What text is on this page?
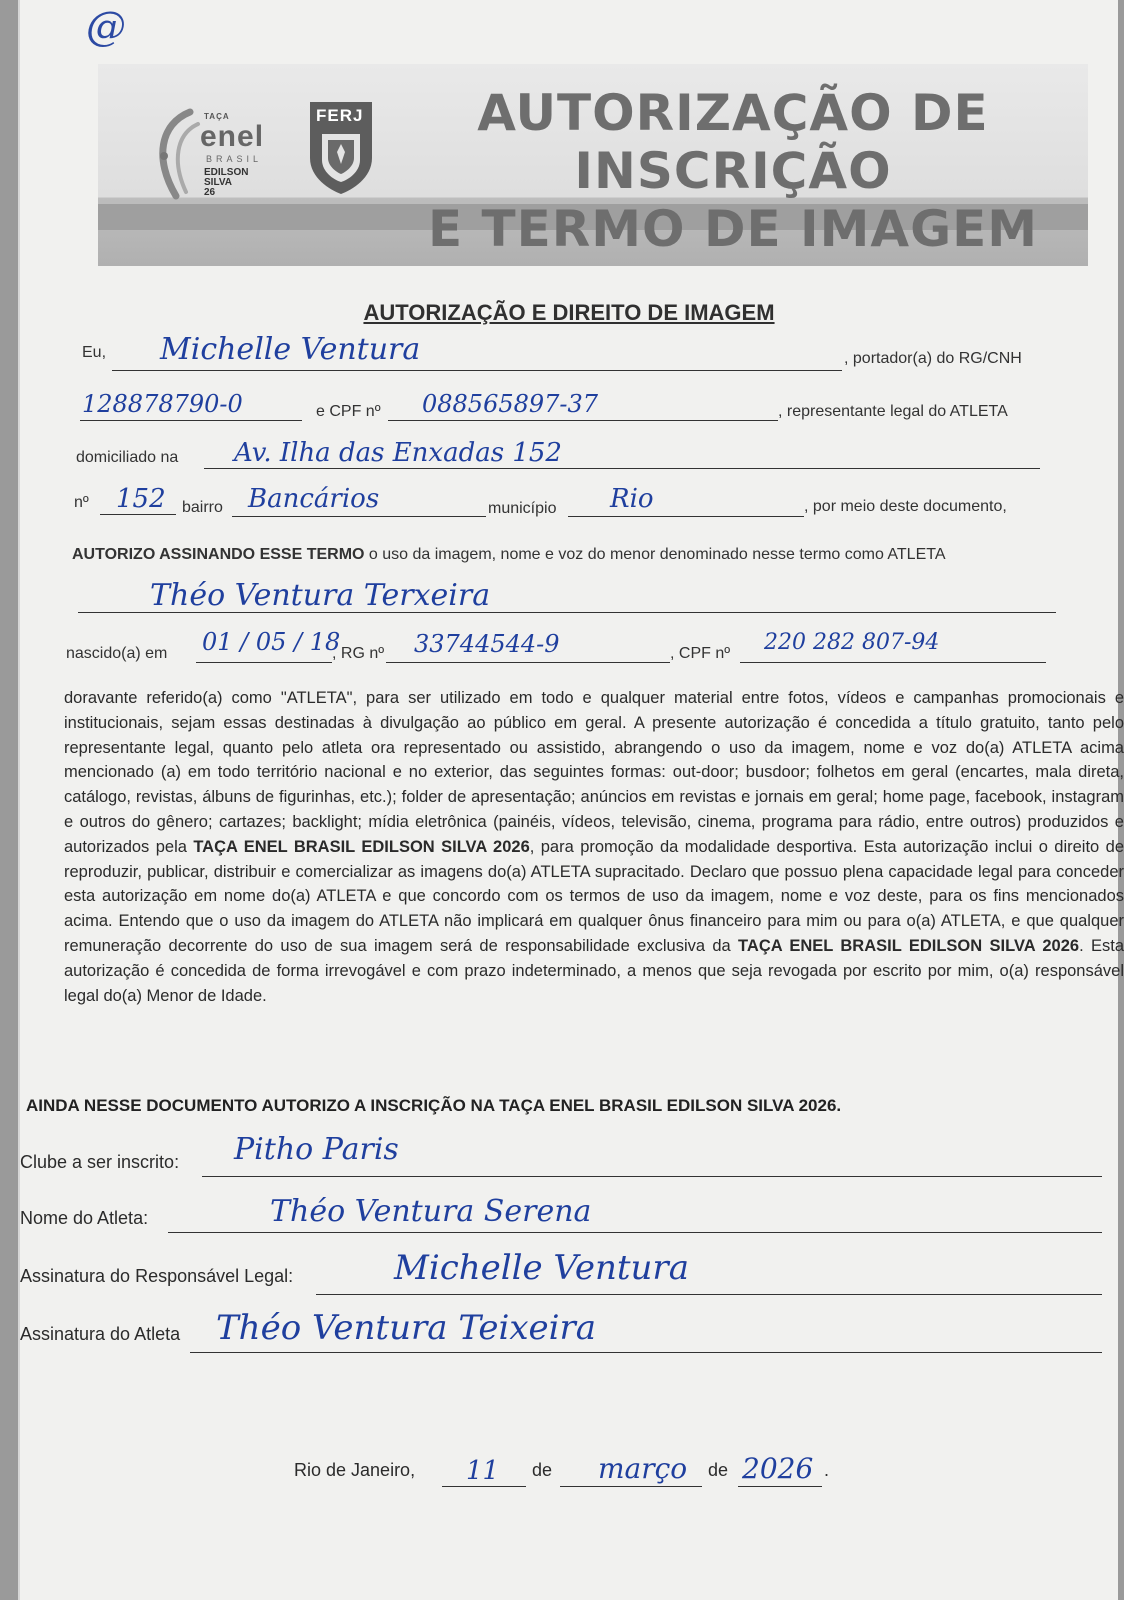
@
TAÇA
enel
BRASIL
EDILSON SILVA 26
FERJ	AUTORIZAÇÃO DE INSCRIÇÃO
E TERMO DE IMAGEM
AUTORIZAÇÃO E DIREITO DE IMAGEM
Eu, Michelle Ventura	, portador(a) do RG/CNH
128878790-0	e CPF nº 088565897-37	, representante legal do ATLETA
domiciliado na Av. Ilha das Enxadas 152
nº 152 bairro Bancários	município Rio	, por meio deste documento,
AUTORIZO ASSINANDO ESSE TERMO o uso da imagem, nome e voz do menor denominado nesse termo como ATLETA
Théo Ventura Terxeira
nascido(a) em 01 / 05 / 18
, RG nº 33744544-9	, CPF nº 220 282 807-94
doravante referido(a) como "ATLETA", para ser utilizado em todo e qualquer material entre fotos, vídeos e campanhas promocionais e institucionais, sejam essas destinadas à divulgação ao público em geral. A presente autorização é concedida a título gratuito, tanto pelo representante legal, quanto pelo atleta ora representado ou assistido, abrangendo o uso da imagem, nome e voz do(a) ATLETA acima mencionado (a) em todo território nacional e no exterior, das seguintes formas: out-door; busdoor; folhetos em geral (encartes, mala direta, catálogo, revistas, álbuns de figurinhas, etc.); folder de apresentação; anúncios em revistas e jornais em geral; home page, facebook, instagram e outros do gênero; cartazes; backlight; mídia eletrônica (painéis, vídeos, televisão, cinema, programa para rádio, entre outros) produzidos e autorizados pela TAÇA ENEL BRASIL EDILSON SILVA 2026, para promoção da modalidade desportiva. Esta autorização inclui o direito de reproduzir, publicar, distribuir e comercializar as imagens do(a) ATLETA supracitado. Declaro que possuo plena capacidade legal para conceder esta autorização em nome do(a) ATLETA e que concordo com os termos de uso da imagem, nome e voz deste, para os fins mencionados acima. Entendo que o uso da imagem do ATLETA não implicará em qualquer ônus financeiro para mim ou para o(a) ATLETA, e que qualquer remuneração decorrente do uso de sua imagem será de responsabilidade exclusiva da TAÇA ENEL BRASIL EDILSON SILVA 2026. Esta autorização é concedida de forma irrevogável e com prazo indeterminado, a menos que seja revogada por escrito por mim, o(a) responsável legal do(a) Menor de Idade.
AINDA NESSE DOCUMENTO AUTORIZO A INSCRIÇÃO NA TAÇA ENEL BRASIL EDILSON SILVA 2026.
Clube a ser inscrito: Pitho Paris
Nome do Atleta:	Théo Ventura Serena
Assinatura do Responsável Legal:	Michelle Ventura
Assinatura do Atleta Théo Ventura Teixeira
Rio de Janeiro, 11 de março de 2026 .
